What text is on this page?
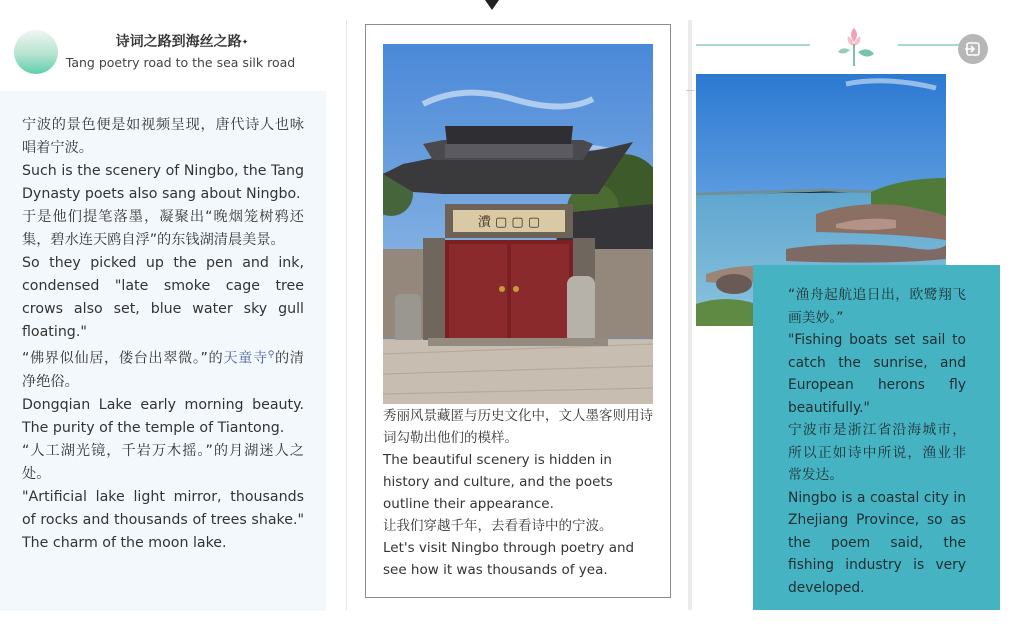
诗词之路到海丝之路✦
Tang poetry road to the sea silk road

宁波的景色便是如视频呈现，唐代诗人也咏唱着宁波。

Such is the scenery of Ningbo, the Tang Dynasty poets also sang about Ningbo.

于是他们提笔落墨，凝聚出“晚烟笼树鸦还集，碧水连天鸥自浮”的东钱湖清晨美景。

So they picked up the pen and ink, condensed "late smoke cage tree crows also set, blue water sky gull floating."

“佛界似仙居，偻台出翠微。”的天童寺⚲的清净绝俗。

Dongqian Lake early morning beauty. The purity of the temple of Tiantong.

“人工湖光镜，千岩万木摇。”的月湖迷人之处。

"Artificial lake light mirror, thousands of rocks and thousands of trees shake." The charm of the moon lake.

㵒 ▢ ▢ ▢

秀丽风景藏匿与历史文化中，文人墨客则用诗词勾勒出他们的模样。

The beautiful scenery is hidden in history and culture, and the poets outline their appearance.

让我们穿越千年，去看看诗中的宁波。

Let's visit Ningbo through poetry and see how it was thousands of yea.

“渔舟起航追日出，欧鹭翔飞画美妙。”

"Fishing boats set sail to catch the sunrise, and European herons fly beautifully."

宁波市是浙江省沿海城市，所以正如诗中所说，渔业非常发达。

Ningbo is a coastal city in Zhejiang Province, so as the poem said, the fishing industry is very developed.
